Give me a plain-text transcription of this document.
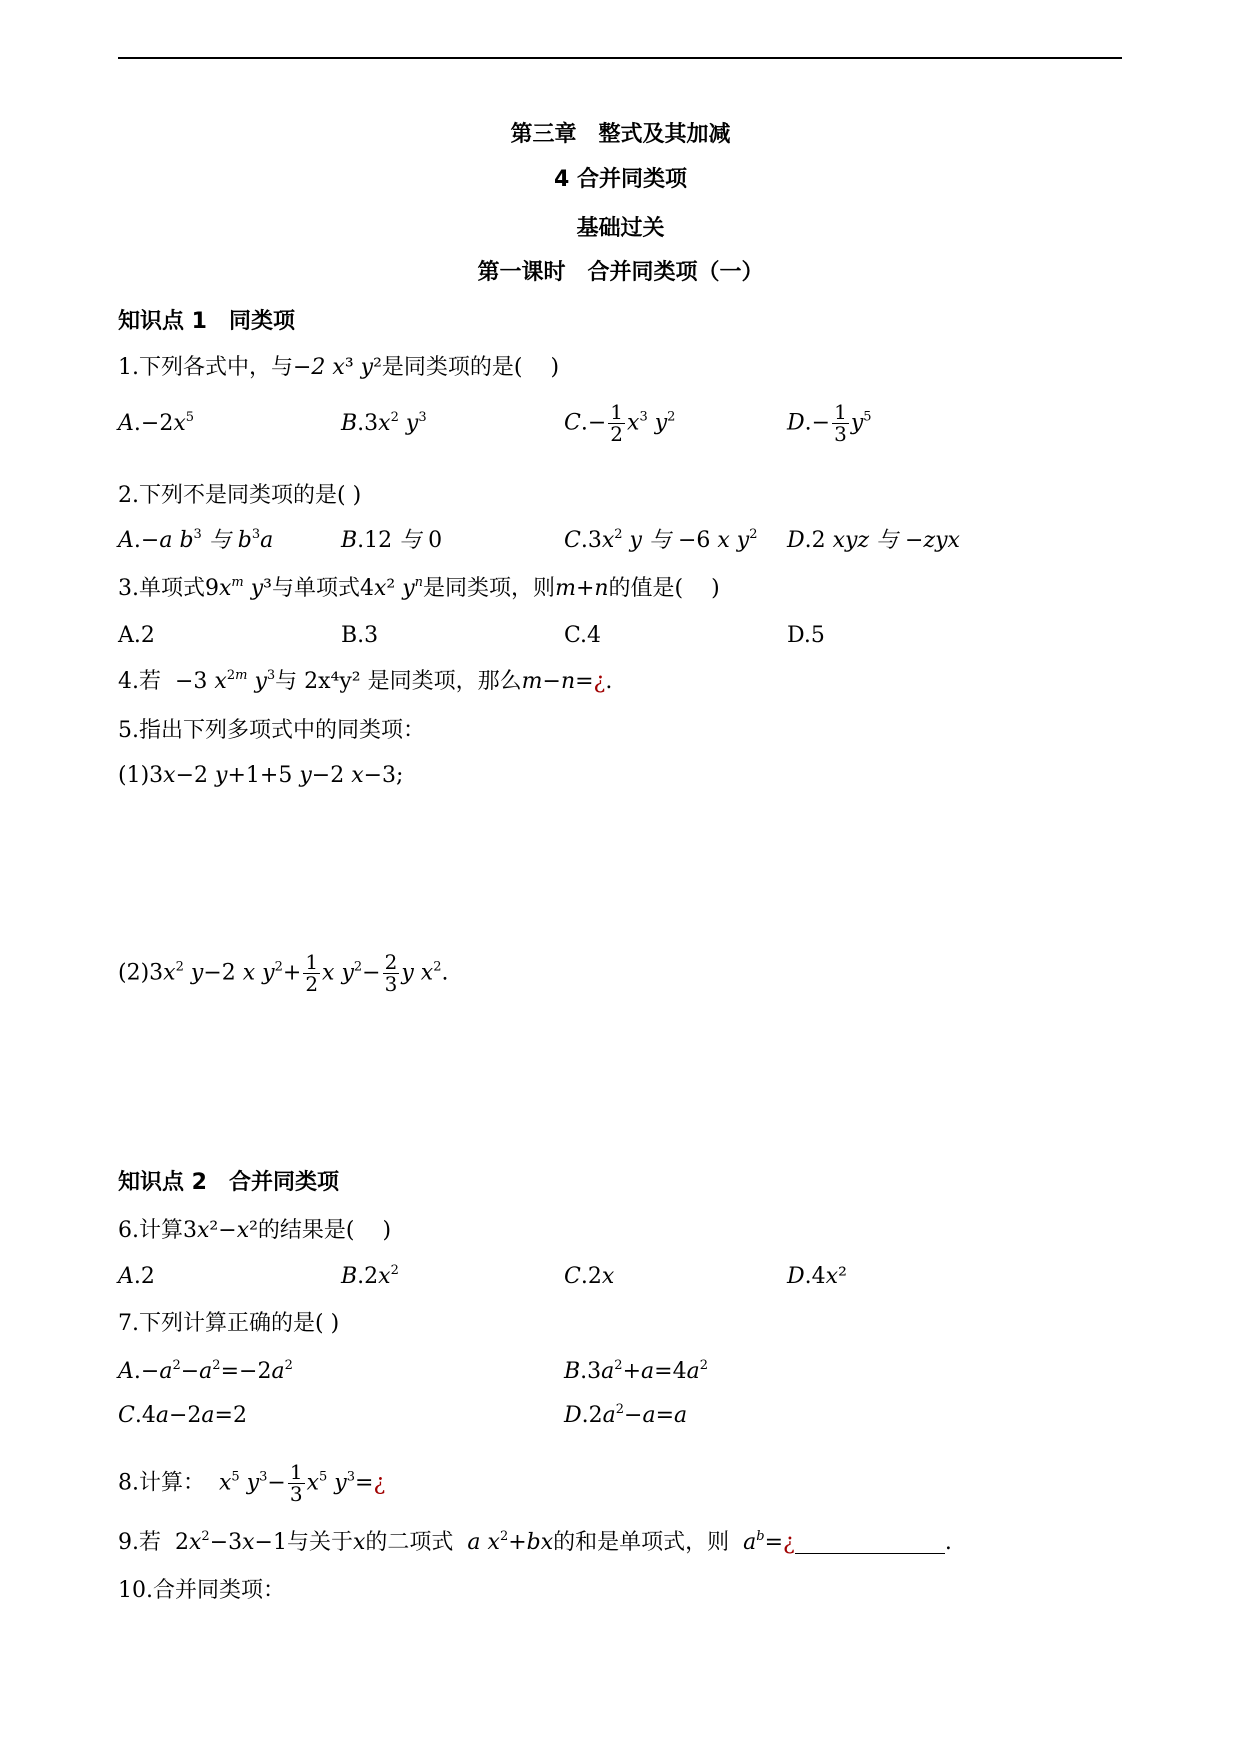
第三章　整式及其加减
4 合并同类项
基础过关
第一课时　合并同类项（一）
知识点 1　同类项
1.下列各式中，与−2 x³ y²是同类项的是(    )
$A.-2x^5$	$B.3x^2$ $y^3$	$C.- \frac{1}{2} x^3$ $y^2$	$D.- \frac{1}{3} y^5$
2.下列不是同类项的是( )
A.−a $b^3$ 与 $b^3a$	B.12 与 0	$C.3x^2$ y 与 −6 x $y^2$ D.2 xyz 与 −zyx
3.单项式$9x^m$ y³与单项式4x² $y^n$是同类项，则m+n的值是(    )
A.2	B.3	C.4	D.5
4.若  −3 $x^{2m}$ $y^3$与 2x⁴y² 是同类项，那么m−n=¿.
5.指出下列多项式中的同类项：
(1)3x−2 y+1+5 y−2 x−3;
$(2)3x^2$ y−2 x $y^2+ \frac{1}{2}$ x $y^2- \frac{2}{3}$ y $x^2$.
知识点 2　合并同类项
6.计算3x²−x²的结果是(    )
A.2	$B.2x^2$	C.2x	D.4x²
7.下列计算正确的是( )
$A.-a^2-a^2=-2a^2$	$B.3a^2+a=4a^2$
C.4a−2a=2	$D.2a^2-a=a$
8.计算：  $x^5$ $y^3- \frac{1}{3} x^5$ $y^3=¿$
9.若  $2x^2-3x-1$与关于x的二项式  a $x^2+bx$的和是单项式，则  $a^b=¿$	.
10.合并同类项：
